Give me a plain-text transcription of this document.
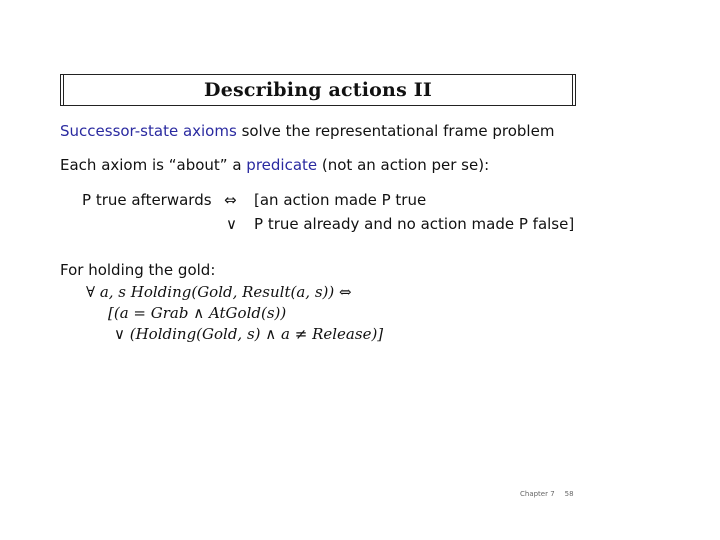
Describing actions II
Successor-state axioms solve the representational frame problem
Each axiom is “about” a predicate (not an action per se):
P true afterwards ⇔ [an action made P true
∨ P true already and no action made P false]
For holding the gold:
∀ a, s Holding(Gold, Result(a, s)) ⇔
[(a = Grab ∧ AtGold(s))
∨ (Holding(Gold, s) ∧ a ≠ Release)]
Chapter 7 58
